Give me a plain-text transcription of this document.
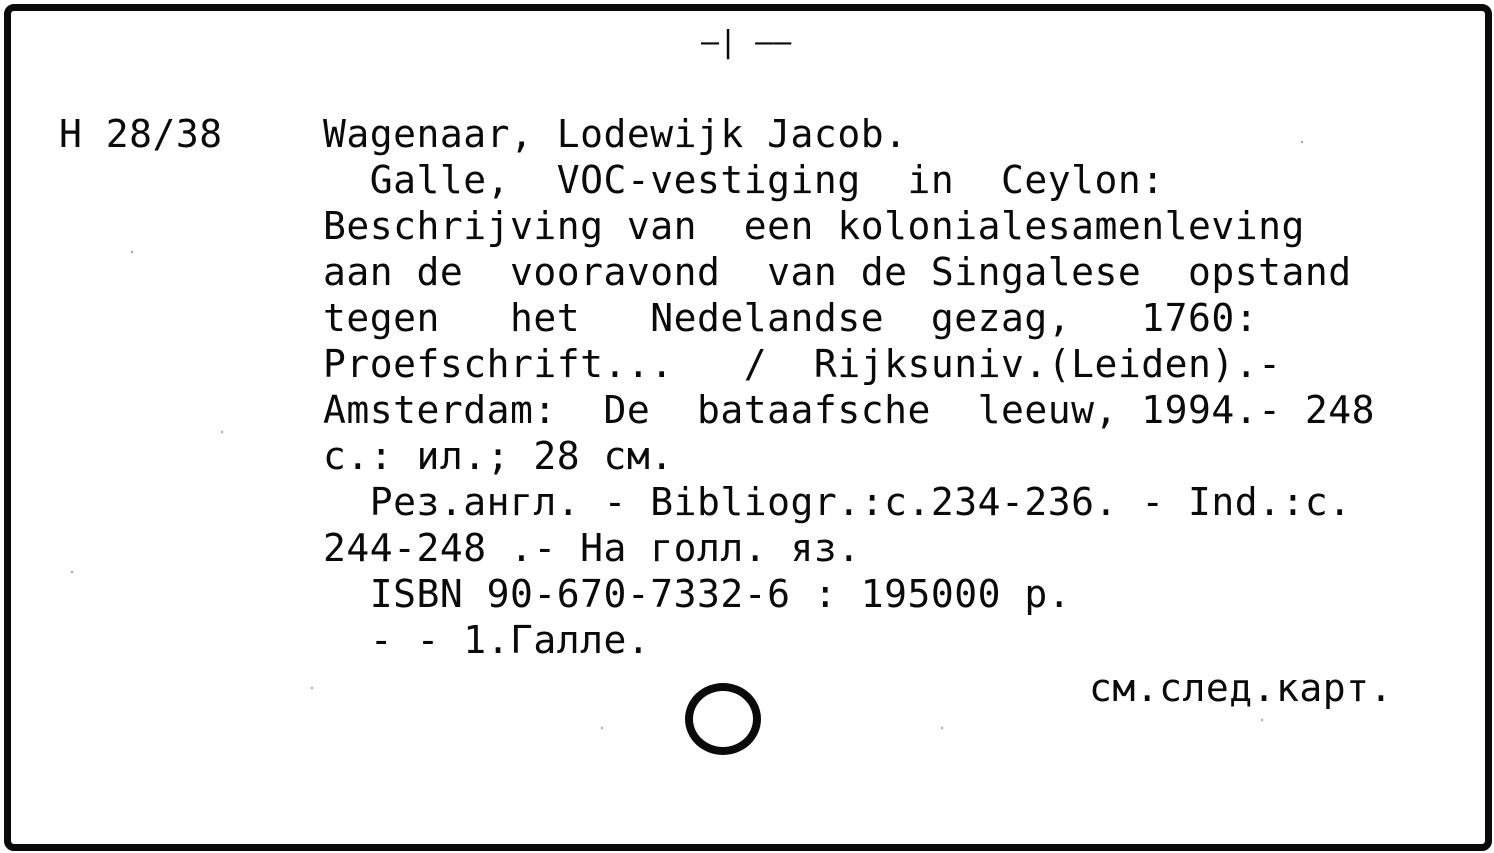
—| ––
H 28/38	Wagenaar, Lodewijk Jacob.
Galle,  VOC-vestiging  in  Ceylon:
Beschrijving van  een kolonialesamenleving
aan de  vooravond  van de Singalese  opstand
tegen   het   Nedelandse  gezag,   1760:
Proefschrift...   /  Rijksuniv.(Leiden).-
Amsterdam:  De  bataafsche  leeuw, 1994.- 248
с.: ил.; 28 см.
Рез.англ. - Bibliogr.:c.234-236. - Ind.:c.
244-248 .- На голл. яз.
ISBN 90-670-7332-6 : 195000 р.
- - 1.Галле.
см.след.карт.
